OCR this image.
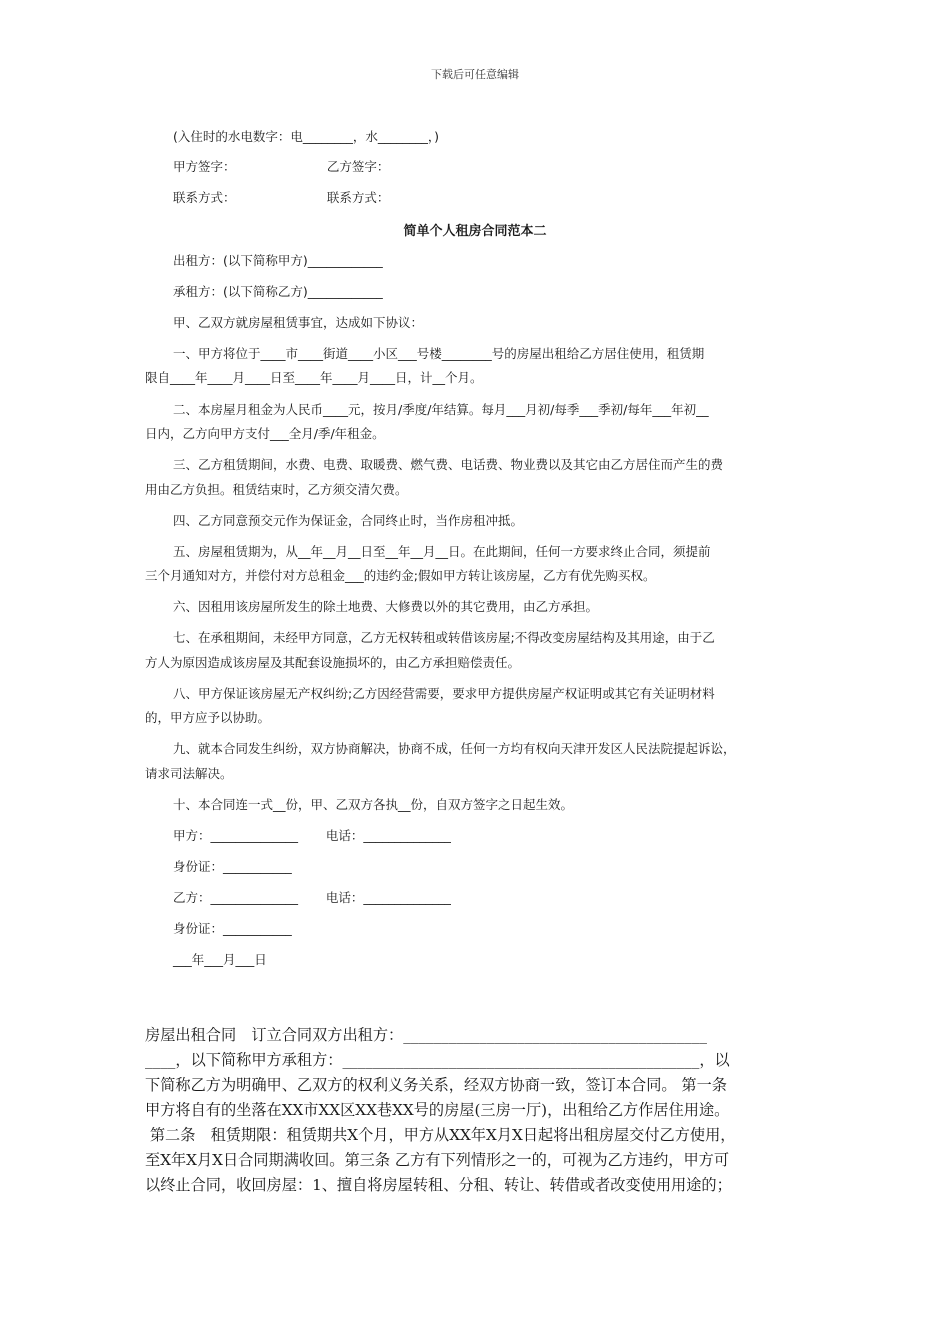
下载后可任意编辑
(入住时的水电数字：电________，水________，)
甲方签字：                       乙方签字：
联系方式：                       联系方式：
简单个人租房合同范本二
出租方：(以下简称甲方)____________
承租方：(以下简称乙方)____________
甲、乙双方就房屋租赁事宜，达成如下协议：
一、甲方将位于____市____街道____小区___号楼________号的房屋出租给乙方居住使用，租赁期
限自____年____月____日至____年____月____日，计__个月。
二、本房屋月租金为人民币____元，按月/季度/年结算。每月___月初/每季___季初/每年___年初__
日内，乙方向甲方支付___全月/季/年租金。
三、乙方租赁期间，水费、电费、取暖费、燃气费、电话费、物业费以及其它由乙方居住而产生的费
用由乙方负担。租赁结束时，乙方须交清欠费。
四、乙方同意预交元作为保证金，合同终止时，当作房租冲抵。
五、房屋租赁期为，从__年__月__日至__年__月__日。在此期间，任何一方要求终止合同，须提前
三个月通知对方，并偿付对方总租金___的违约金;假如甲方转让该房屋，乙方有优先购买权。
六、因租用该房屋所发生的除土地费、大修费以外的其它费用，由乙方承担。
七、在承租期间，未经甲方同意，乙方无权转租或转借该房屋;不得改变房屋结构及其用途，由于乙
方人为原因造成该房屋及其配套设施损坏的，由乙方承担赔偿责任。
八、甲方保证该房屋无产权纠纷;乙方因经营需要，要求甲方提供房屋产权证明或其它有关证明材料
的，甲方应予以协助。
九、就本合同发生纠纷，双方协商解决，协商不成，任何一方均有权向天津开发区人民法院提起诉讼，
请求司法解决。
十、本合同连一式__份，甲、乙双方各执__份，自双方签字之日起生效。
甲方：______________       电话：______________
身份证：___________
乙方：______________       电话：______________
身份证：___________
___年___月___日
房屋出租合同　订立合同双方出租方：________________________________________
____，以下简称甲方承租方：_______________________________________________，以
下简称乙方为明确甲、乙双方的权利义务关系，经双方协商一致，签订本合同。 第一条
甲方将自有的坐落在XX市XX区XX巷XX号的房屋(三房一厅)，出租给乙方作居住用途。
第二条　租赁期限：租赁期共X个月，甲方从XX年X月X日起将出租房屋交付乙方使用，
至X年X月X日合同期满收回。第三条 乙方有下列情形之一的，可视为乙方违约，甲方可
以终止合同，收回房屋：1、擅自将房屋转租、分租、转让、转借或者改变使用用途的；
